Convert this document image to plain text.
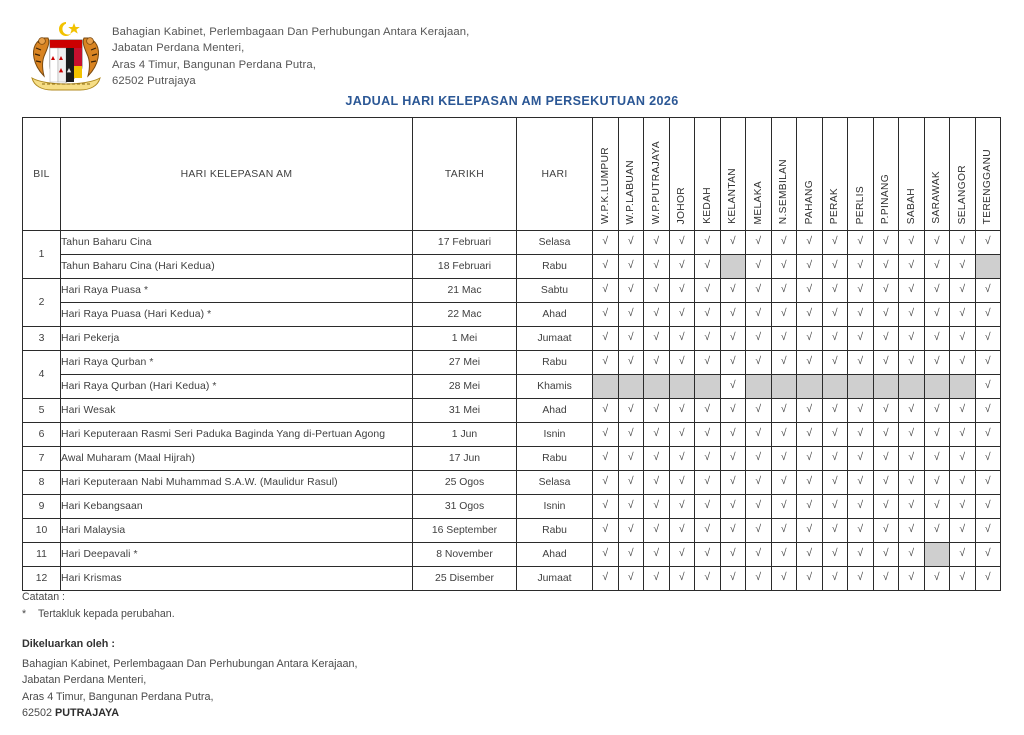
Bahagian Kabinet, Perlembagaan Dan Perhubungan Antara Kerajaan,
Jabatan Perdana Menteri,
Aras 4 Timur, Bangunan Perdana Putra,
62502 Putrajaya
JADUAL HARI KELEPASAN AM PERSEKUTUAN 2026
BIL	HARI KELEPASAN AM	TARIKH	HARI	W.P.K.LUMPUR	W.P.LABUAN	W.P.PUTRAJAYA	JOHOR	KEDAH	KELANTAN	MELAKA	N.SEMBILAN	PAHANG	PERAK	PERLIS	P.PINANG	SABAH	SARAWAK	SELANGOR	TERENGGANU

1	Tahun Baharu Cina	17 Februari	Selasa	√	√	√	√	√	√	√	√	√	√	√	√	√	√	√	√
	Tahun Baharu Cina (Hari Kedua)	18 Februari	Rabu	√	√	√	√	√		√	√	√	√	√	√	√	√	√	
2	Hari Raya Puasa *	21 Mac	Sabtu	√	√	√	√	√	√	√	√	√	√	√	√	√	√	√	√
	Hari Raya Puasa (Hari Kedua) *	22 Mac	Ahad	√	√	√	√	√	√	√	√	√	√	√	√	√	√	√	√
3	Hari Pekerja	1 Mei	Jumaat	√	√	√	√	√	√	√	√	√	√	√	√	√	√	√	√
4	Hari Raya Qurban *	27 Mei	Rabu	√	√	√	√	√	√	√	√	√	√	√	√	√	√	√	√
	Hari Raya Qurban (Hari Kedua) *	28 Mei	Khamis						√										√
5	Hari Wesak	31 Mei	Ahad	√	√	√	√	√	√	√	√	√	√	√	√	√	√	√	√
6	Hari Keputeraan Rasmi Seri Paduka Baginda Yang di-Pertuan Agong	1 Jun	Isnin	√	√	√	√	√	√	√	√	√	√	√	√	√	√	√	√
7	Awal Muharam (Maal Hijrah)	17 Jun	Rabu	√	√	√	√	√	√	√	√	√	√	√	√	√	√	√	√
8	Hari Keputeraan Nabi Muhammad S.A.W. (Maulidur Rasul)	25 Ogos	Selasa	√	√	√	√	√	√	√	√	√	√	√	√	√	√	√	√
9	Hari Kebangsaan	31 Ogos	Isnin	√	√	√	√	√	√	√	√	√	√	√	√	√	√	√	√
10	Hari Malaysia	16 September	Rabu	√	√	√	√	√	√	√	√	√	√	√	√	√	√	√	√
11	Hari Deepavali *	8 November	Ahad	√	√	√	√	√	√	√	√	√	√	√	√	√		√	√
12	Hari Krismas	25 Disember	Jumaat	√	√	√	√	√	√	√	√	√	√	√	√	√	√	√	√
Catatan :
*	Tertakluk kepada perubahan.
Dikeluarkan oleh :
Bahagian Kabinet, Perlembagaan Dan Perhubungan Antara Kerajaan,
Jabatan Perdana Menteri,
Aras 4 Timur, Bangunan Perdana Putra,
62502 PUTRAJAYA
